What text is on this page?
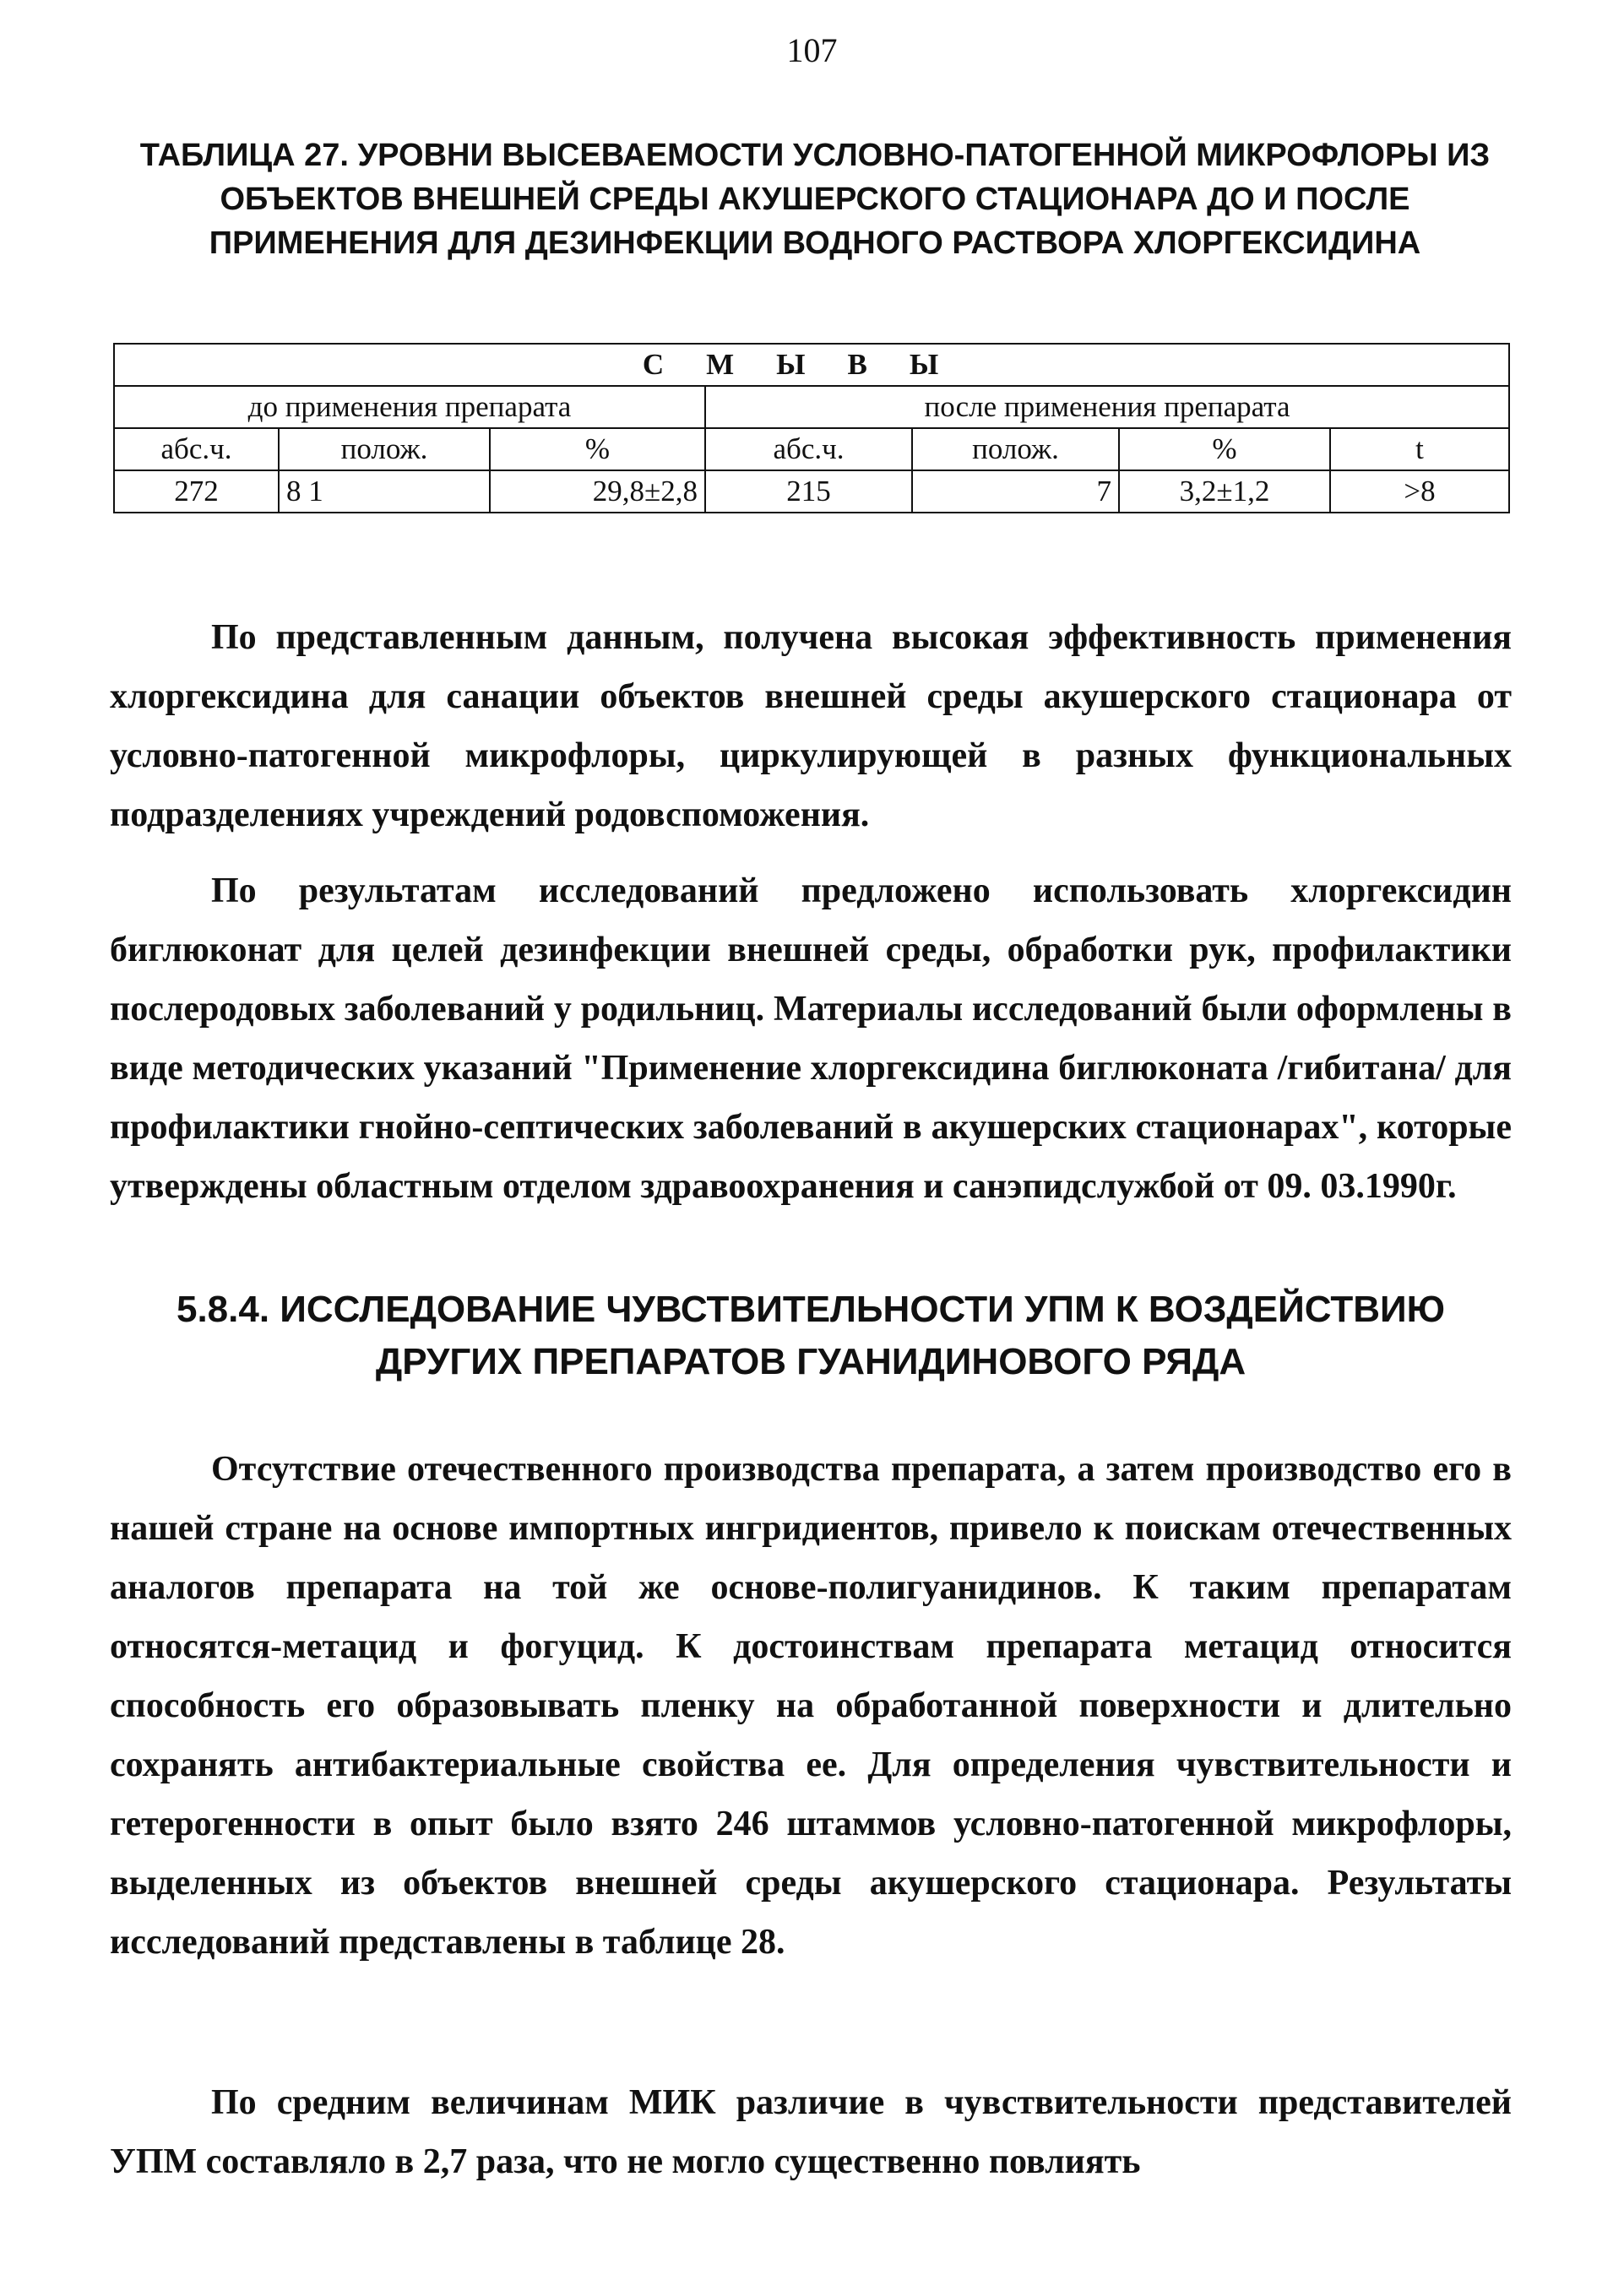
107
ТАБЛИЦА 27. УРОВНИ ВЫСЕВАЕМОСТИ УСЛОВНО-ПАТОГЕННОЙ МИКРОФЛОРЫ ИЗ ОБЪЕКТОВ ВНЕШНЕЙ СРЕДЫ АКУШЕРСКОГО СТАЦИОНАРА ДО И ПОСЛЕ ПРИМЕНЕНИЯ ДЛЯ ДЕЗИНФЕКЦИИ ВОДНОГО РАСТВОРА ХЛОРГЕКСИДИНА
СМЫВЫ						
до применения препарата			после применения препарата			
абс.ч.	полож.	%	абс.ч.	полож.	%	t
272	8 1	29,8±2,8	215	7	3,2±1,2	>8

По представленным данным, получена высокая эффективность применения хлоргексидина для санации объектов внешней среды акушерского стационара от условно-патогенной микрофлоры, циркулирующей в разных функциональных подразделениях учреждений родовспоможения.

По результатам исследований предложено использовать хлоргексидин биглюконат для целей дезинфекции внешней среды, обработки рук, профилактики послеродовых заболеваний у родильниц. Материалы исследований были оформлены в виде методических указаний "Применение хлоргексидина биглюконата /гибитана/ для профилактики гнойно-септических заболеваний в акушерских стационарах", которые утверждены областным отделом здравоохранения и санэпидслужбой от 09. 03.1990г.

5.8.4. ИССЛЕДОВАНИЕ ЧУВСТВИТЕЛЬНОСТИ УПМ К ВОЗДЕЙСТВИЮ ДРУГИХ ПРЕПАРАТОВ ГУАНИДИНОВОГО РЯДА

Отсутствие отечественного производства препарата, а затем производство его в нашей стране на основе импортных ингридиентов, привело к поискам отечественных аналогов препарата на той же основе-полигуанидинов. К таким препаратам относятся-метацид и фогуцид. К достоинствам препарата метацид относится способность его образовывать пленку на обработанной поверхности и длительно сохранять антибактериальные свойства ее. Для определения чувствительности и гетерогенности в опыт было взято 246 штаммов условно-патогенной микрофлоры, выделенных из объектов внешней среды акушерского стационара. Результаты исследований представлены в таблице 28.

По средним величинам МИК различие в чувствительности представителей УПМ составляло в 2,7 раза, что не могло существенно повлиять
